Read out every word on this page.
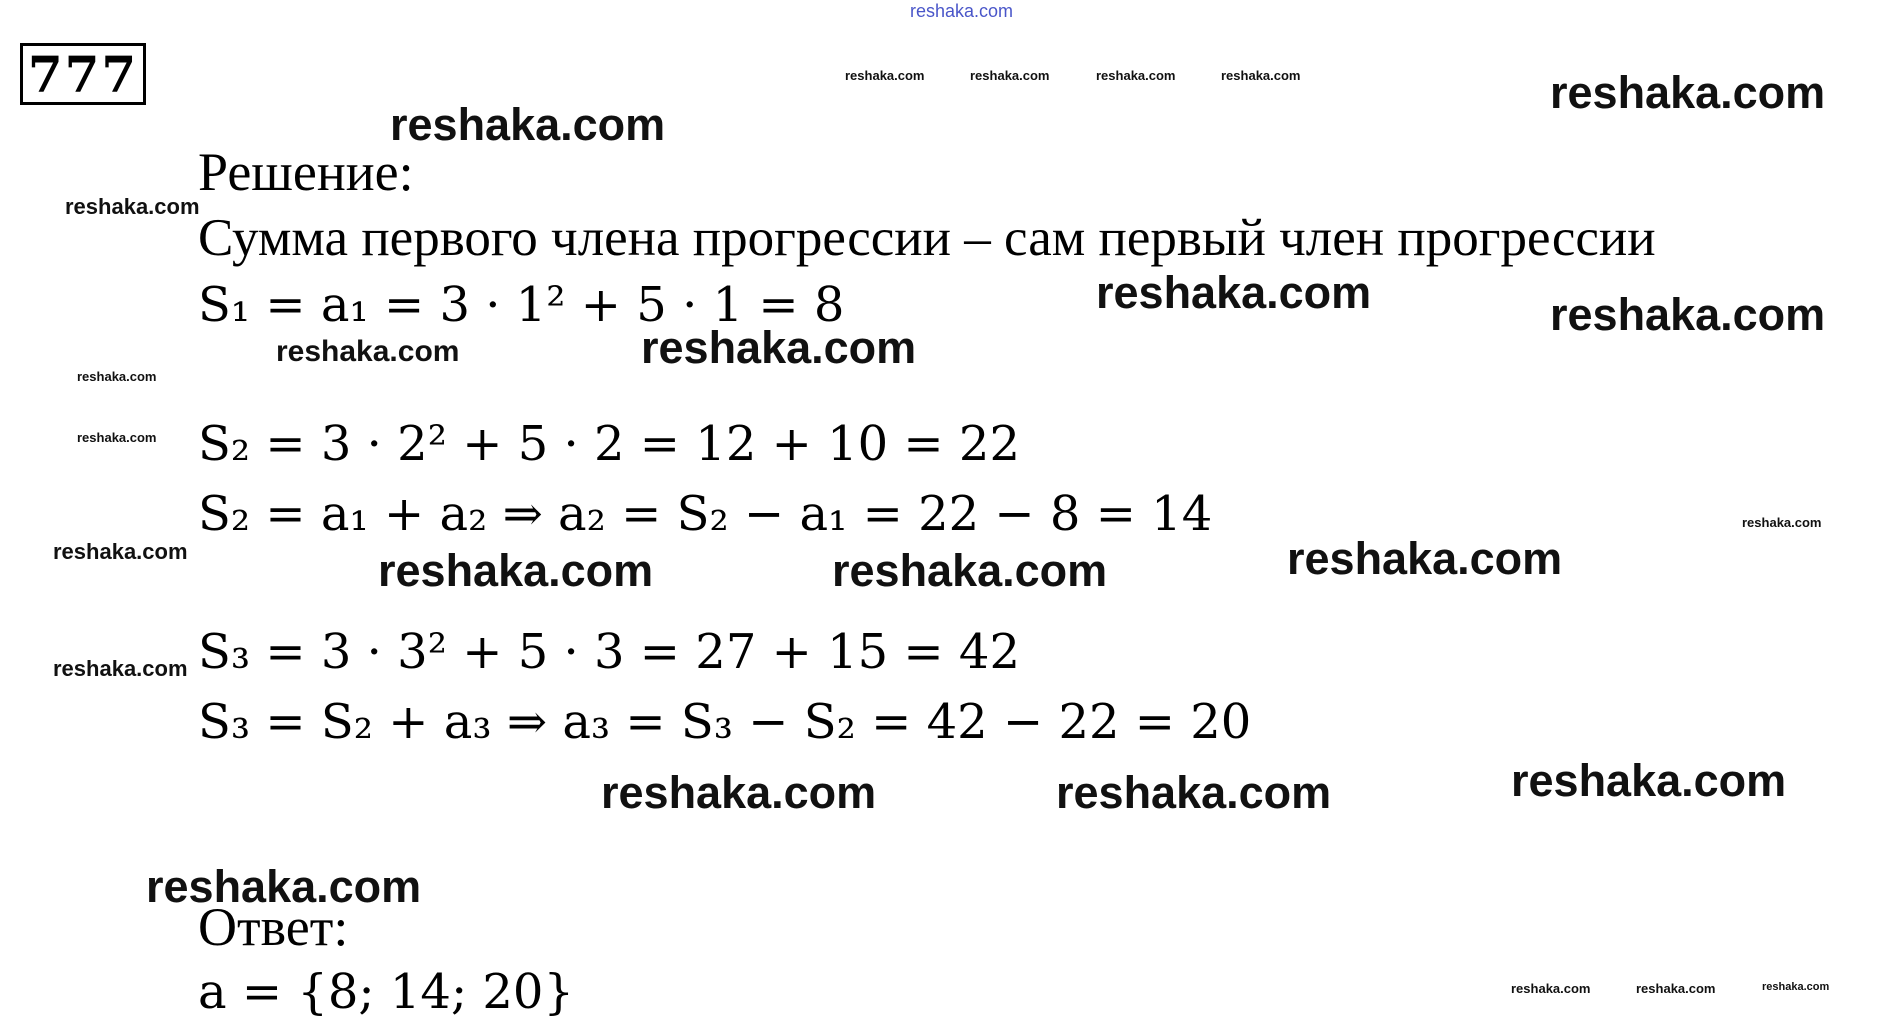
reshaka.com
777	reshaka.com	reshaka.com	reshaka.com	reshaka.com	reshaka.com
reshaka.com
reshaka.com
reshaka.com	reshaka.com
reshaka.com	reshaka.com
reshaka.com
reshaka.com
reshaka.com
reshaka.com	reshaka.com	reshaka.com	reshaka.com
reshaka.com
reshaka.com	reshaka.com	reshaka.com
reshaka.com
reshaka.com	reshaka.com	reshaka.com
Решение:
Сумма первого члена прогрессии – сам первый член прогрессии
S₁ = a₁ = 3 · 1² + 5 · 1 = 8
S₂ = 3 · 2² + 5 · 2 = 12 + 10 = 22
S₂ = a₁ + a₂ ⇒ a₂ = S₂ − a₁ = 22 − 8 = 14
S₃ = 3 · 3² + 5 · 3 = 27 + 15 = 42
S₃ = S₂ + a₃ ⇒ a₃ = S₃ − S₂ = 42 − 22 = 20
Ответ:
a = {8; 14; 20}
